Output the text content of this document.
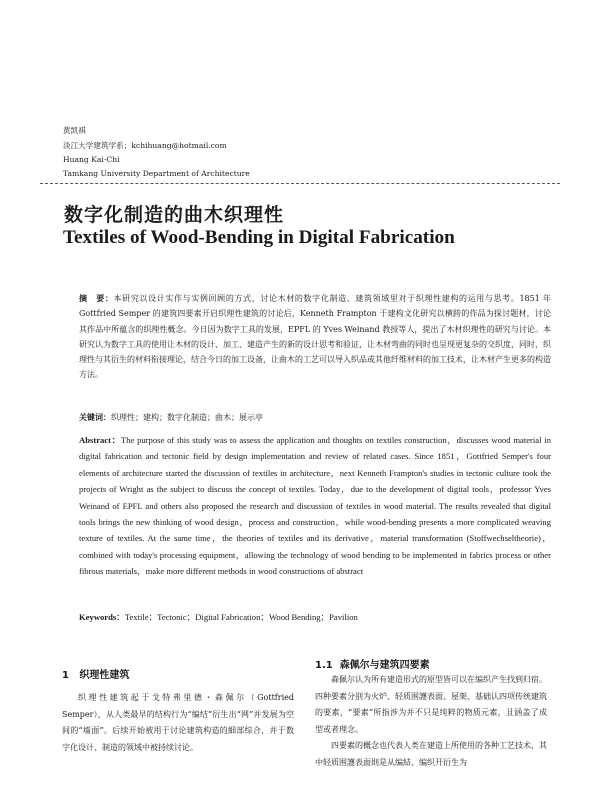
黄凯祺
淡江大学建筑学系；kchihuang@hotmail.com
Huang Kai-Chi
Tamkang University Department of Architecture
数字化制造的曲木织理性
Textiles of Wood-Bending in Digital Fabrication
摘　要：本研究以设计实作与实例回顾的方式，讨论木材的数字化制造、建筑领域里对于织理性建构的运用与思考。1851 年 Gottfried Semper 的建筑四要素开启织理性建筑的讨论后，Kenneth Frampton 于建构文化研究以横跨的作品为探讨题材，讨论其作品中所蕴含的织理性概念。今日因为数字工具的发展，EPFL 的 Yves Weinand 教授等人，提出了木材织理性的研究与讨论。本研究认为数字工具的使用让木材的设计、加工、建造产生的新的设计思考和验证，让木材弯曲的同时也呈现更复杂的交织度，同时，织理性与其衍生的材料衔接理论，结合今日的加工设备，让曲木的工艺可以导入织品或其他纤维材料的加工技术，让木材产生更多的构造方法。
关键词：织理性；建构；数字化制造；曲木；展示亭
Abstract：The purpose of this study was to assess the application and thoughts on textiles construction，discusses wood material in digital fabrication and tectonic field by design implementation and review of related cases. Since 1851，Gottfried Semper's four elements of architecture started the discussion of textiles in architecture，next Kenneth Frampton's studies in tectonic culture took the projects of Wright as the subject to discuss the concept of textiles. Today，due to the development of digital tools，professor Yves Weinand of EPFL and others also proposed the research and discussion of textiles in wood material. The results revealed that digital tools brings the new thinking of wood design，process and construction，while wood-bending presents a more complicated weaving texture of textiles. At the same time，the theories of textiles and its derivative，material transformation (Stoffwechseltheorie)，combined with today's processing equipment，allowing the technology of wood bending to be implemented in fabrics process or other fibrous materials，make more different methods in wood constructions of abstract
Keywords：Textile；Tectonic；Digital Fabrication；Wood Bending；Pavilion
1 织理性建筑

织理性建筑起于戈特弗里德・森佩尔（Gottfried Semper），从人类最早的结构行为“编结”衍生出“网”并发展为空间的“墙面”。后续开始被用于讨论建筑构造的細部综合，并于数字化设计、制造的领域中被持续讨论。

1.1 森佩尔与建筑四要素

森佩尔认为所有建造形式的原型皆可以在编织产生找到归宿。四种要素分别为火炉、轻质围護表面、屋架、基础认四项传统建筑的要素，“要素”所指涉为并不只是纯粹的物质元素，且涵盖了成型或者理念。

四要素的概念也代表人类在建造上所使用的各种工艺技术，其中轻质围護表面則是从编結、编织开衍生为
